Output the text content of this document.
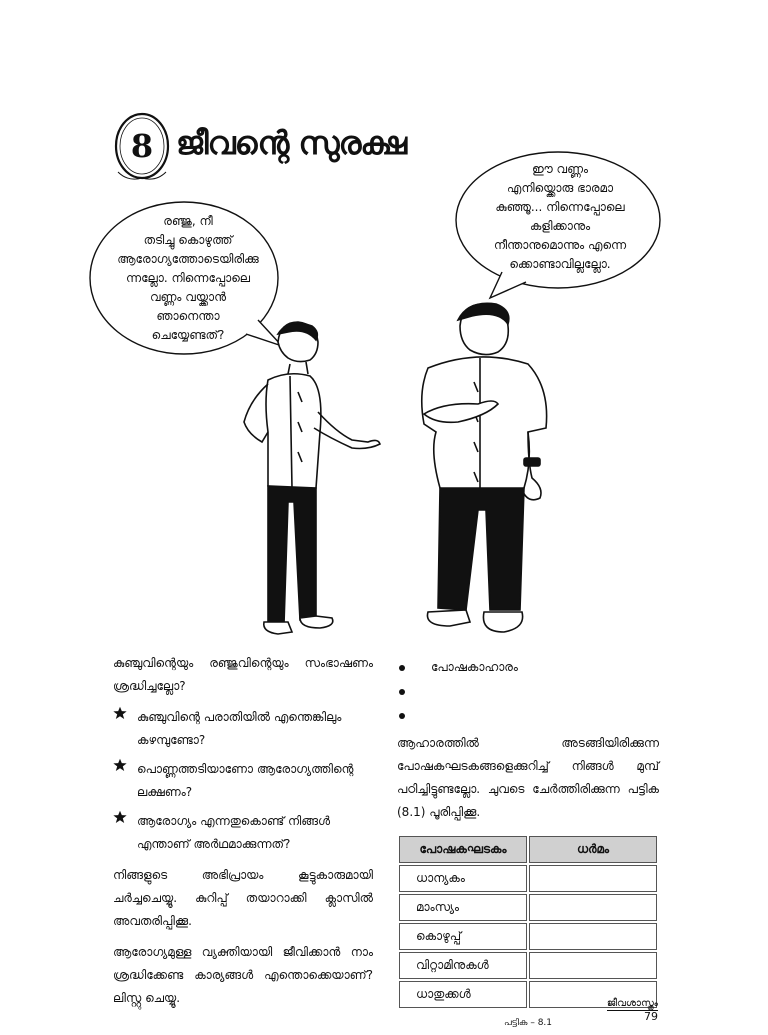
8 ജീവന്റെ സുരക്ഷ
രഞ്ജു, നീ
തടിച്ചു കൊഴുത്ത്
ആരോഗ്യത്തോടെയിരിക്കു
ന്നല്ലോ. നിന്നെപ്പോലെ
വണ്ണം വയ്ക്കാൻ
ഞാനെന്താ
ചെയ്യേണ്ടത്?
ഈ വണ്ണം
എനിയ്ക്കൊരു ഭാരമാ
കുഞ്ഞൂ... നിന്നെപ്പോലെ
കളിക്കാനും
നീന്താനുമൊന്നും എന്നെ
ക്കൊണ്ടാവില്ലല്ലോ.

കുഞ്ചുവിന്റെയും രഞ്ജുവിന്റെയും സംഭാഷണം ശ്രദ്ധിച്ചല്ലോ?

കുഞ്ചുവിന്റെ പരാതിയിൽ എന്തെങ്കിലും കഴമ്പുണ്ടോ?
പൊണ്ണത്തടിയാണോ ആരോഗ്യത്തിന്റെ ലക്ഷണം?
ആരോഗ്യം എന്നതുകൊണ്ട് നിങ്ങൾ എന്താണ് അർഥമാക്കുന്നത്?

നിങ്ങളുടെ അഭിപ്രായം കൂട്ടുകാരുമായി ചർച്ചചെയ്യൂ. കുറിപ്പ് തയാറാക്കി ക്ലാസിൽ അവതരിപ്പിക്കൂ.

ആരോഗ്യമുള്ള വ്യക്തിയായി ജീവിക്കാൻ നാം ശ്രദ്ധിക്കേണ്ട കാര്യങ്ങൾ എന്തൊക്കെയാണ്? ലിസ്റ്റു ചെയ്യൂ.

പോഷകാഹാരം

ആഹാരത്തിൽ അടങ്ങിയിരിക്കുന്ന പോഷകഘടകങ്ങളെക്കുറിച്ച് നിങ്ങൾ മുമ്പ് പഠിച്ചിട്ടുണ്ടല്ലോ. ചുവടെ ചേർത്തിരിക്കുന്ന പട്ടിക (8.1) പൂരിപ്പിക്കൂ.

പോഷകഘടകം	ധർമം
ധാന്യകം	
മാംസ്യം	
കൊഴുപ്പ്	
വിറ്റാമിനുകൾ	
ധാതുക്കൾ	
പട്ടിക – 8.1
ജീവശാസ്ത്രം
79
